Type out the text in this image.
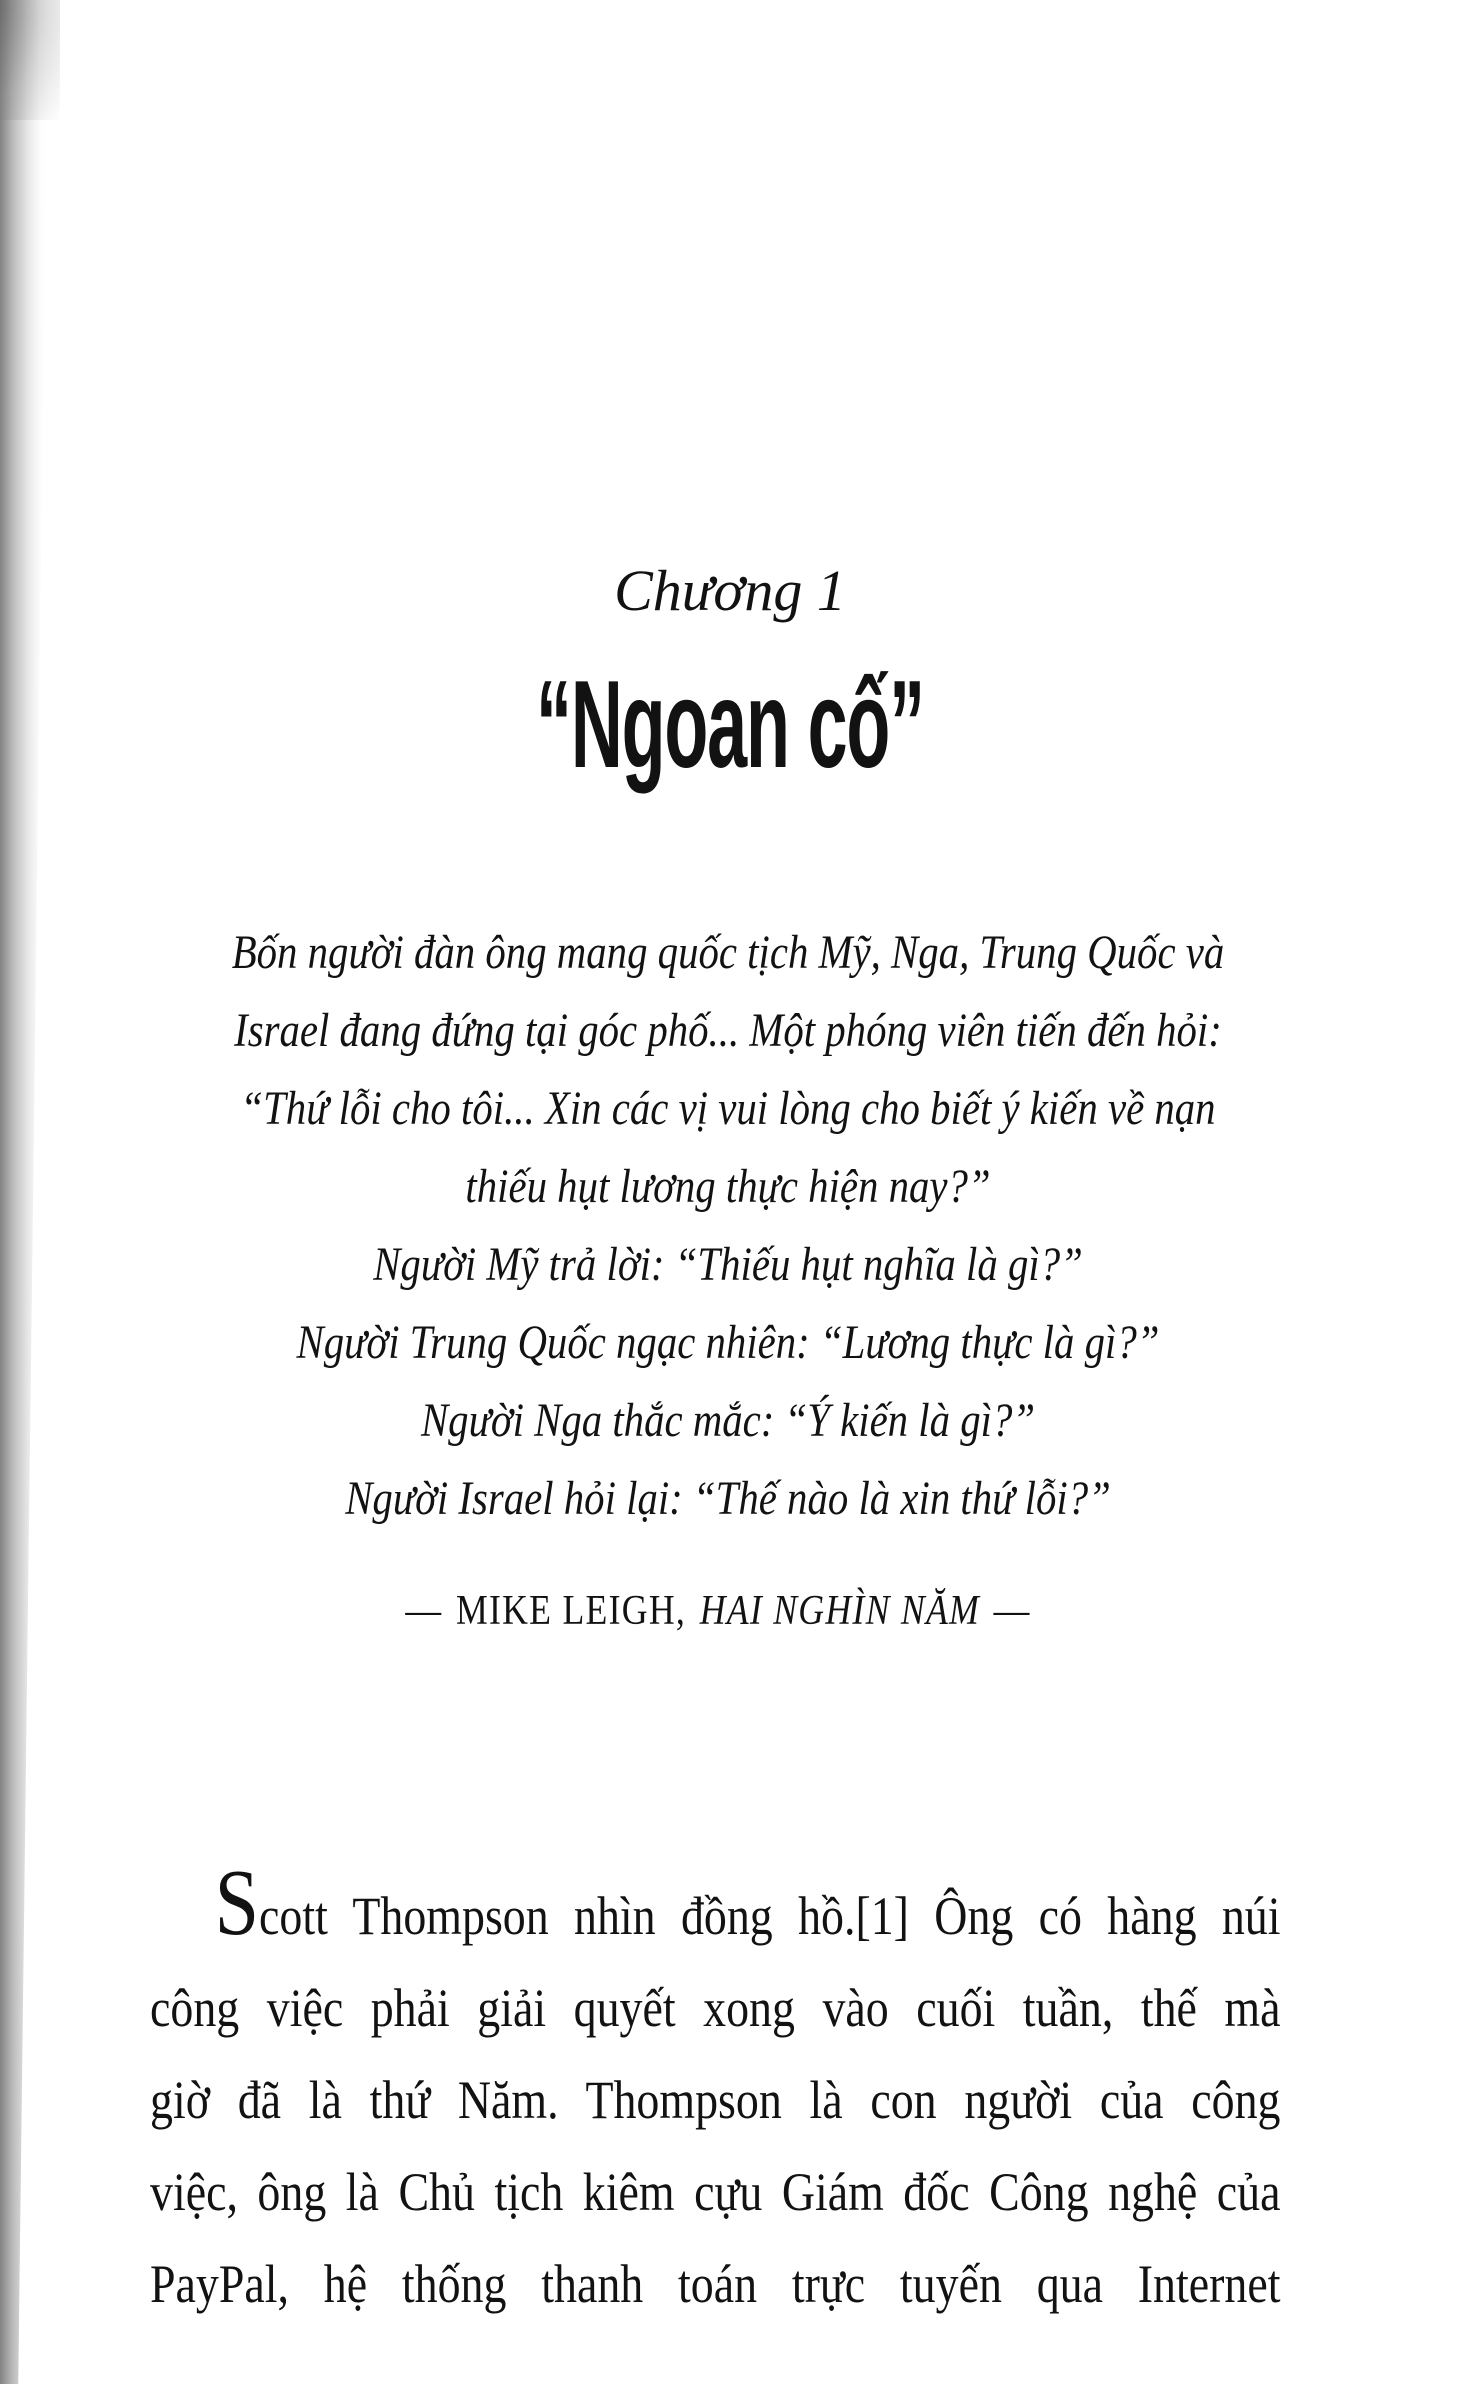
Chương 1
“Ngoan cố”
Bốn người đàn ông mang quốc tịch Mỹ, Nga, Trung Quốc và
Israel đang đứng tại góc phố... Một phóng viên tiến đến hỏi:
“Thứ lỗi cho tôi... Xin các vị vui lòng cho biết ý kiến về nạn
thiếu hụt lương thực hiện nay?”
Người Mỹ trả lời: “Thiếu hụt nghĩa là gì?”
Người Trung Quốc ngạc nhiên: “Lương thực là gì?”
Người Nga thắc mắc: “Ý kiến là gì?”
Người Israel hỏi lại: “Thế nào là xin thứ lỗi?”
— MIKE LEIGH, HAI NGHÌN NĂM —
Scott Thompson nhìn đồng hồ.[1] Ông có hàng núi
công việc phải giải quyết xong vào cuối tuần, thế mà
giờ đã là thứ Năm. Thompson là con người của công
việc, ông là Chủ tịch kiêm cựu Giám đốc Công nghệ của
PayPal, hệ thống thanh toán trực tuyến qua Internet
